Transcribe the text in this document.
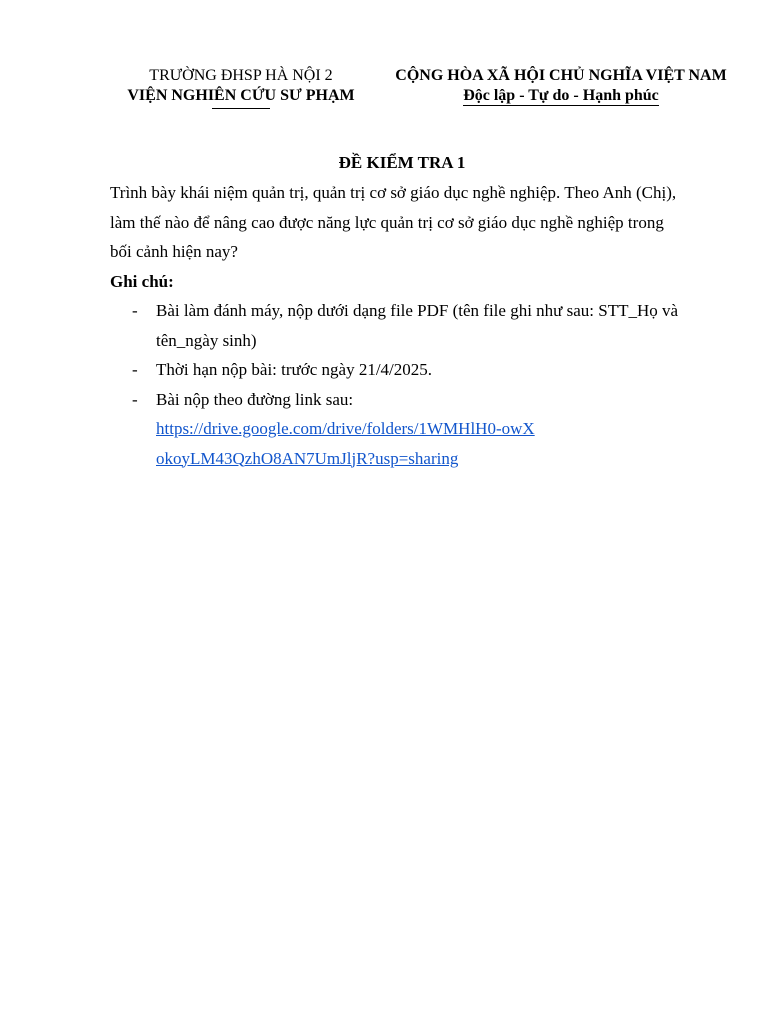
TRƯỜNG ĐHSP HÀ NỘI 2
VIỆN NGHIÊN CỨU SƯ PHẠM
CỘNG HÒA XÃ HỘI CHỦ NGHĨA VIỆT NAM
Độc lập - Tự do - Hạnh phúc
ĐỀ KIỂM TRA 1

Trình bày khái niệm quản trị, quản trị cơ sở giáo dục nghề nghiệp. Theo Anh (Chị), làm thế nào để nâng cao được năng lực quản trị cơ sở giáo dục nghề nghiệp trong bối cảnh hiện nay?

Ghi chú:

- Bài làm đánh máy, nộp dưới dạng file PDF (tên file ghi như sau: STT_Họ và tên_ngày sinh)
- Thời hạn nộp bài: trước ngày 21/4/2025.
- Bài nộp theo đường link sau:
https://drive.google.com/drive/folders/1WMHlH0-owXokoyLM43QzhO8AN7UmJljR?usp=sharing
